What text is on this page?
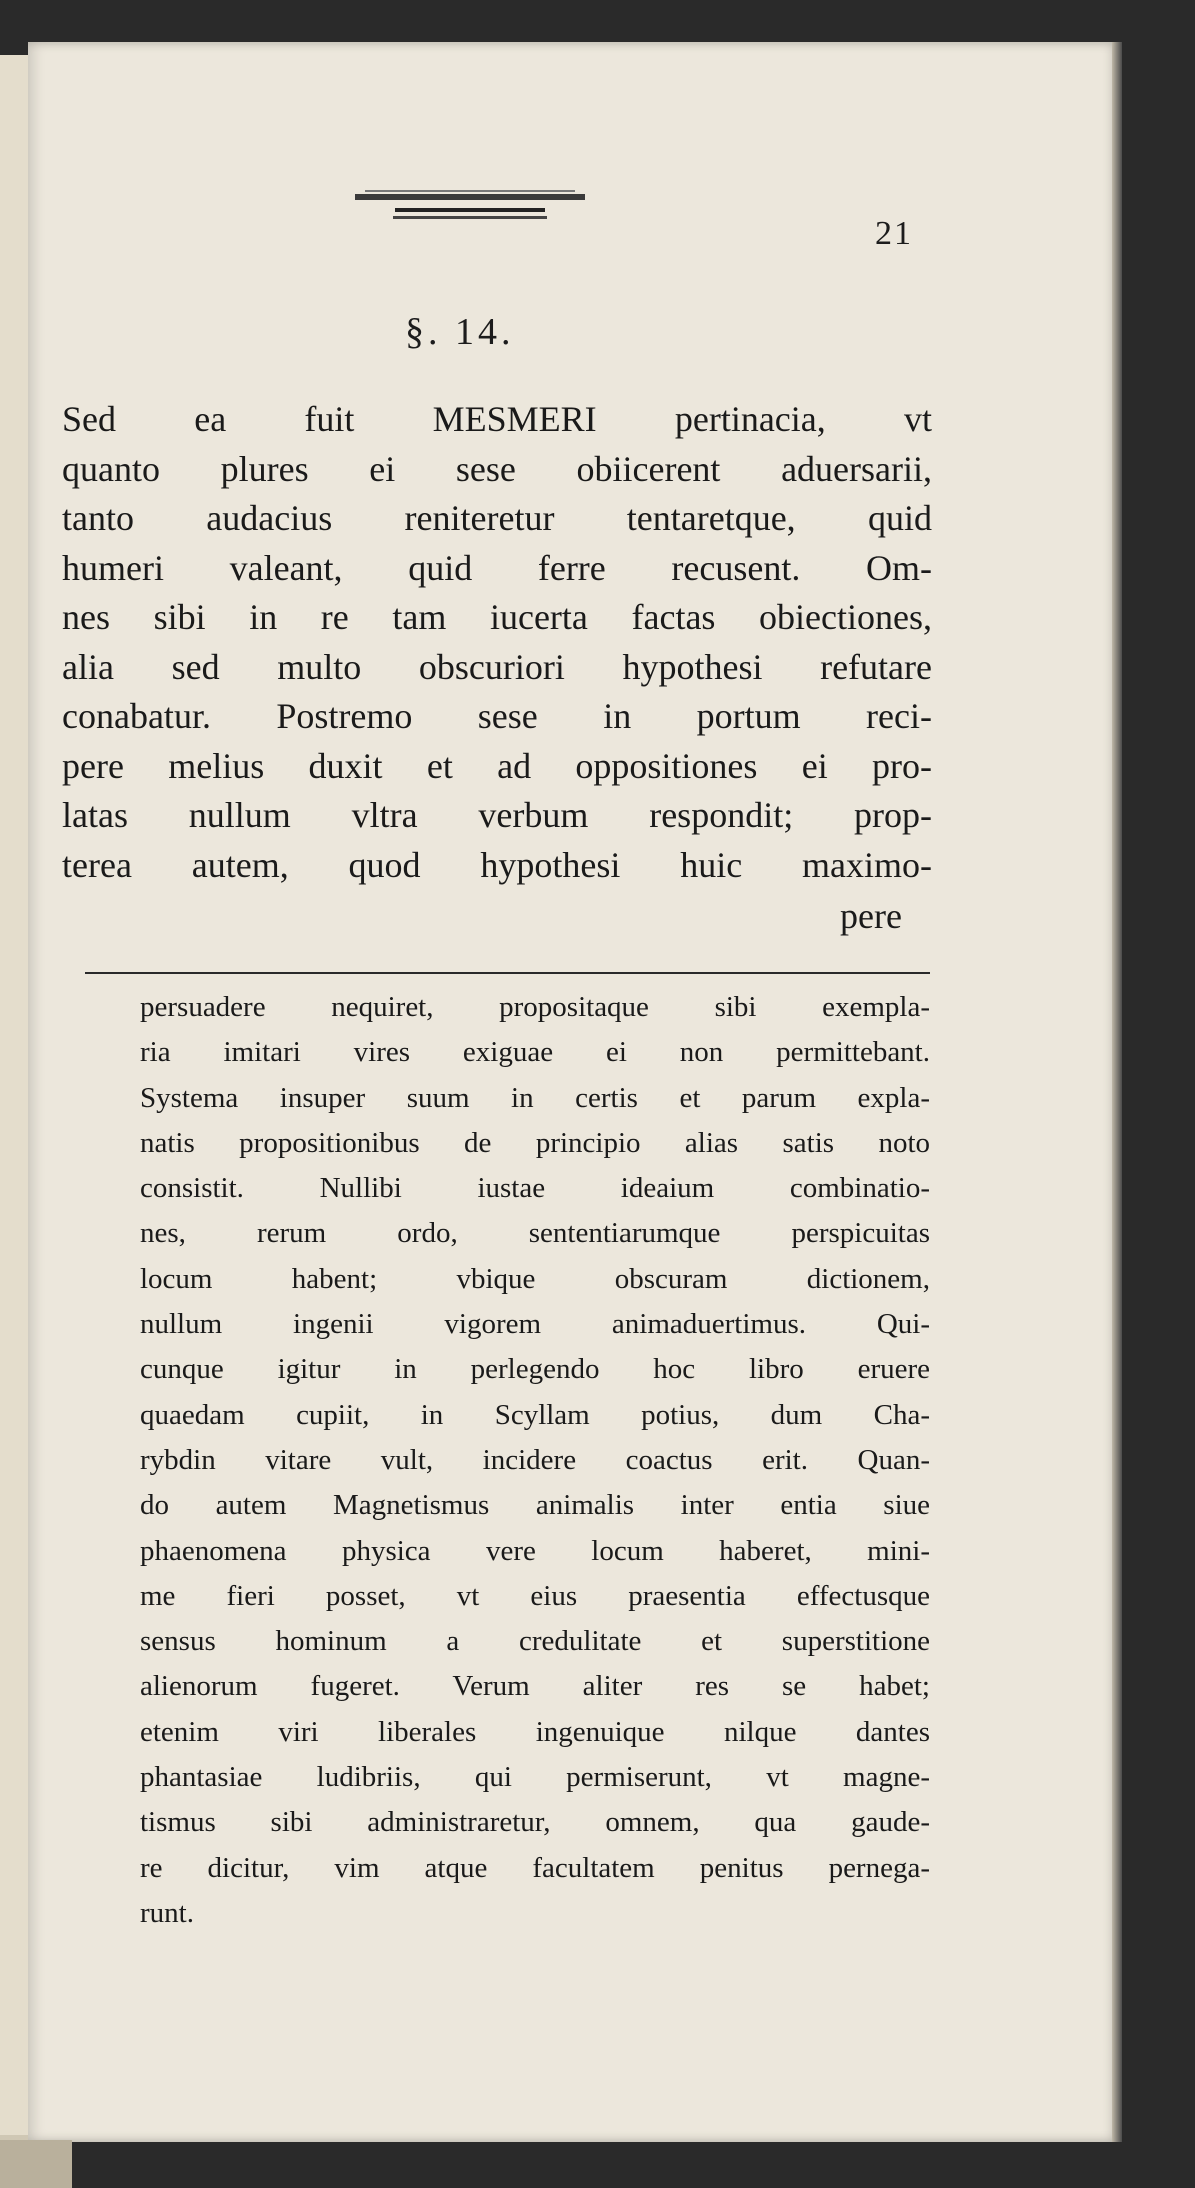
21
§. 14.
Sed ea fuit MESMERI pertinacia, vt
quanto plures ei sese obiicerent aduersarii,
tanto audacius reniteretur tentaretque, quid
humeri valeant, quid ferre recusent. Om-
nes sibi in re tam iucerta factas obiectiones,
alia sed multo obscuriori hypothesi refutare
conabatur. Postremo sese in portum reci-
pere melius duxit et ad oppositiones ei pro-
latas nullum vltra verbum respondit; prop-
terea autem, quod hypothesi huic maximo-
pere
persuadere nequiret, propositaque sibi exempla-
ria imitari vires exiguae ei non permittebant.
Systema insuper suum in certis et parum expla-
natis propositionibus de principio alias satis noto
consistit. Nullibi iustae ideaium combinatio-
nes, rerum ordo, sententiarumque perspicuitas
locum habent; vbique obscuram dictionem,
nullum ingenii vigorem animaduertimus. Qui-
cunque igitur in perlegendo hoc libro eruere
quaedam cupiit, in Scyllam potius, dum Cha-
rybdin vitare vult, incidere coactus erit. Quan-
do autem Magnetismus animalis inter entia siue
phaenomena physica vere locum haberet, mini-
me fieri posset, vt eius praesentia effectusque
sensus hominum a credulitate et superstitione
alienorum fugeret. Verum aliter res se habet;
etenim viri liberales ingenuique nilque dantes
phantasiae ludibriis, qui permiserunt, vt magne-
tismus sibi administraretur, omnem, qua gaude-
re dicitur, vim atque facultatem penitus pernega-
runt.
